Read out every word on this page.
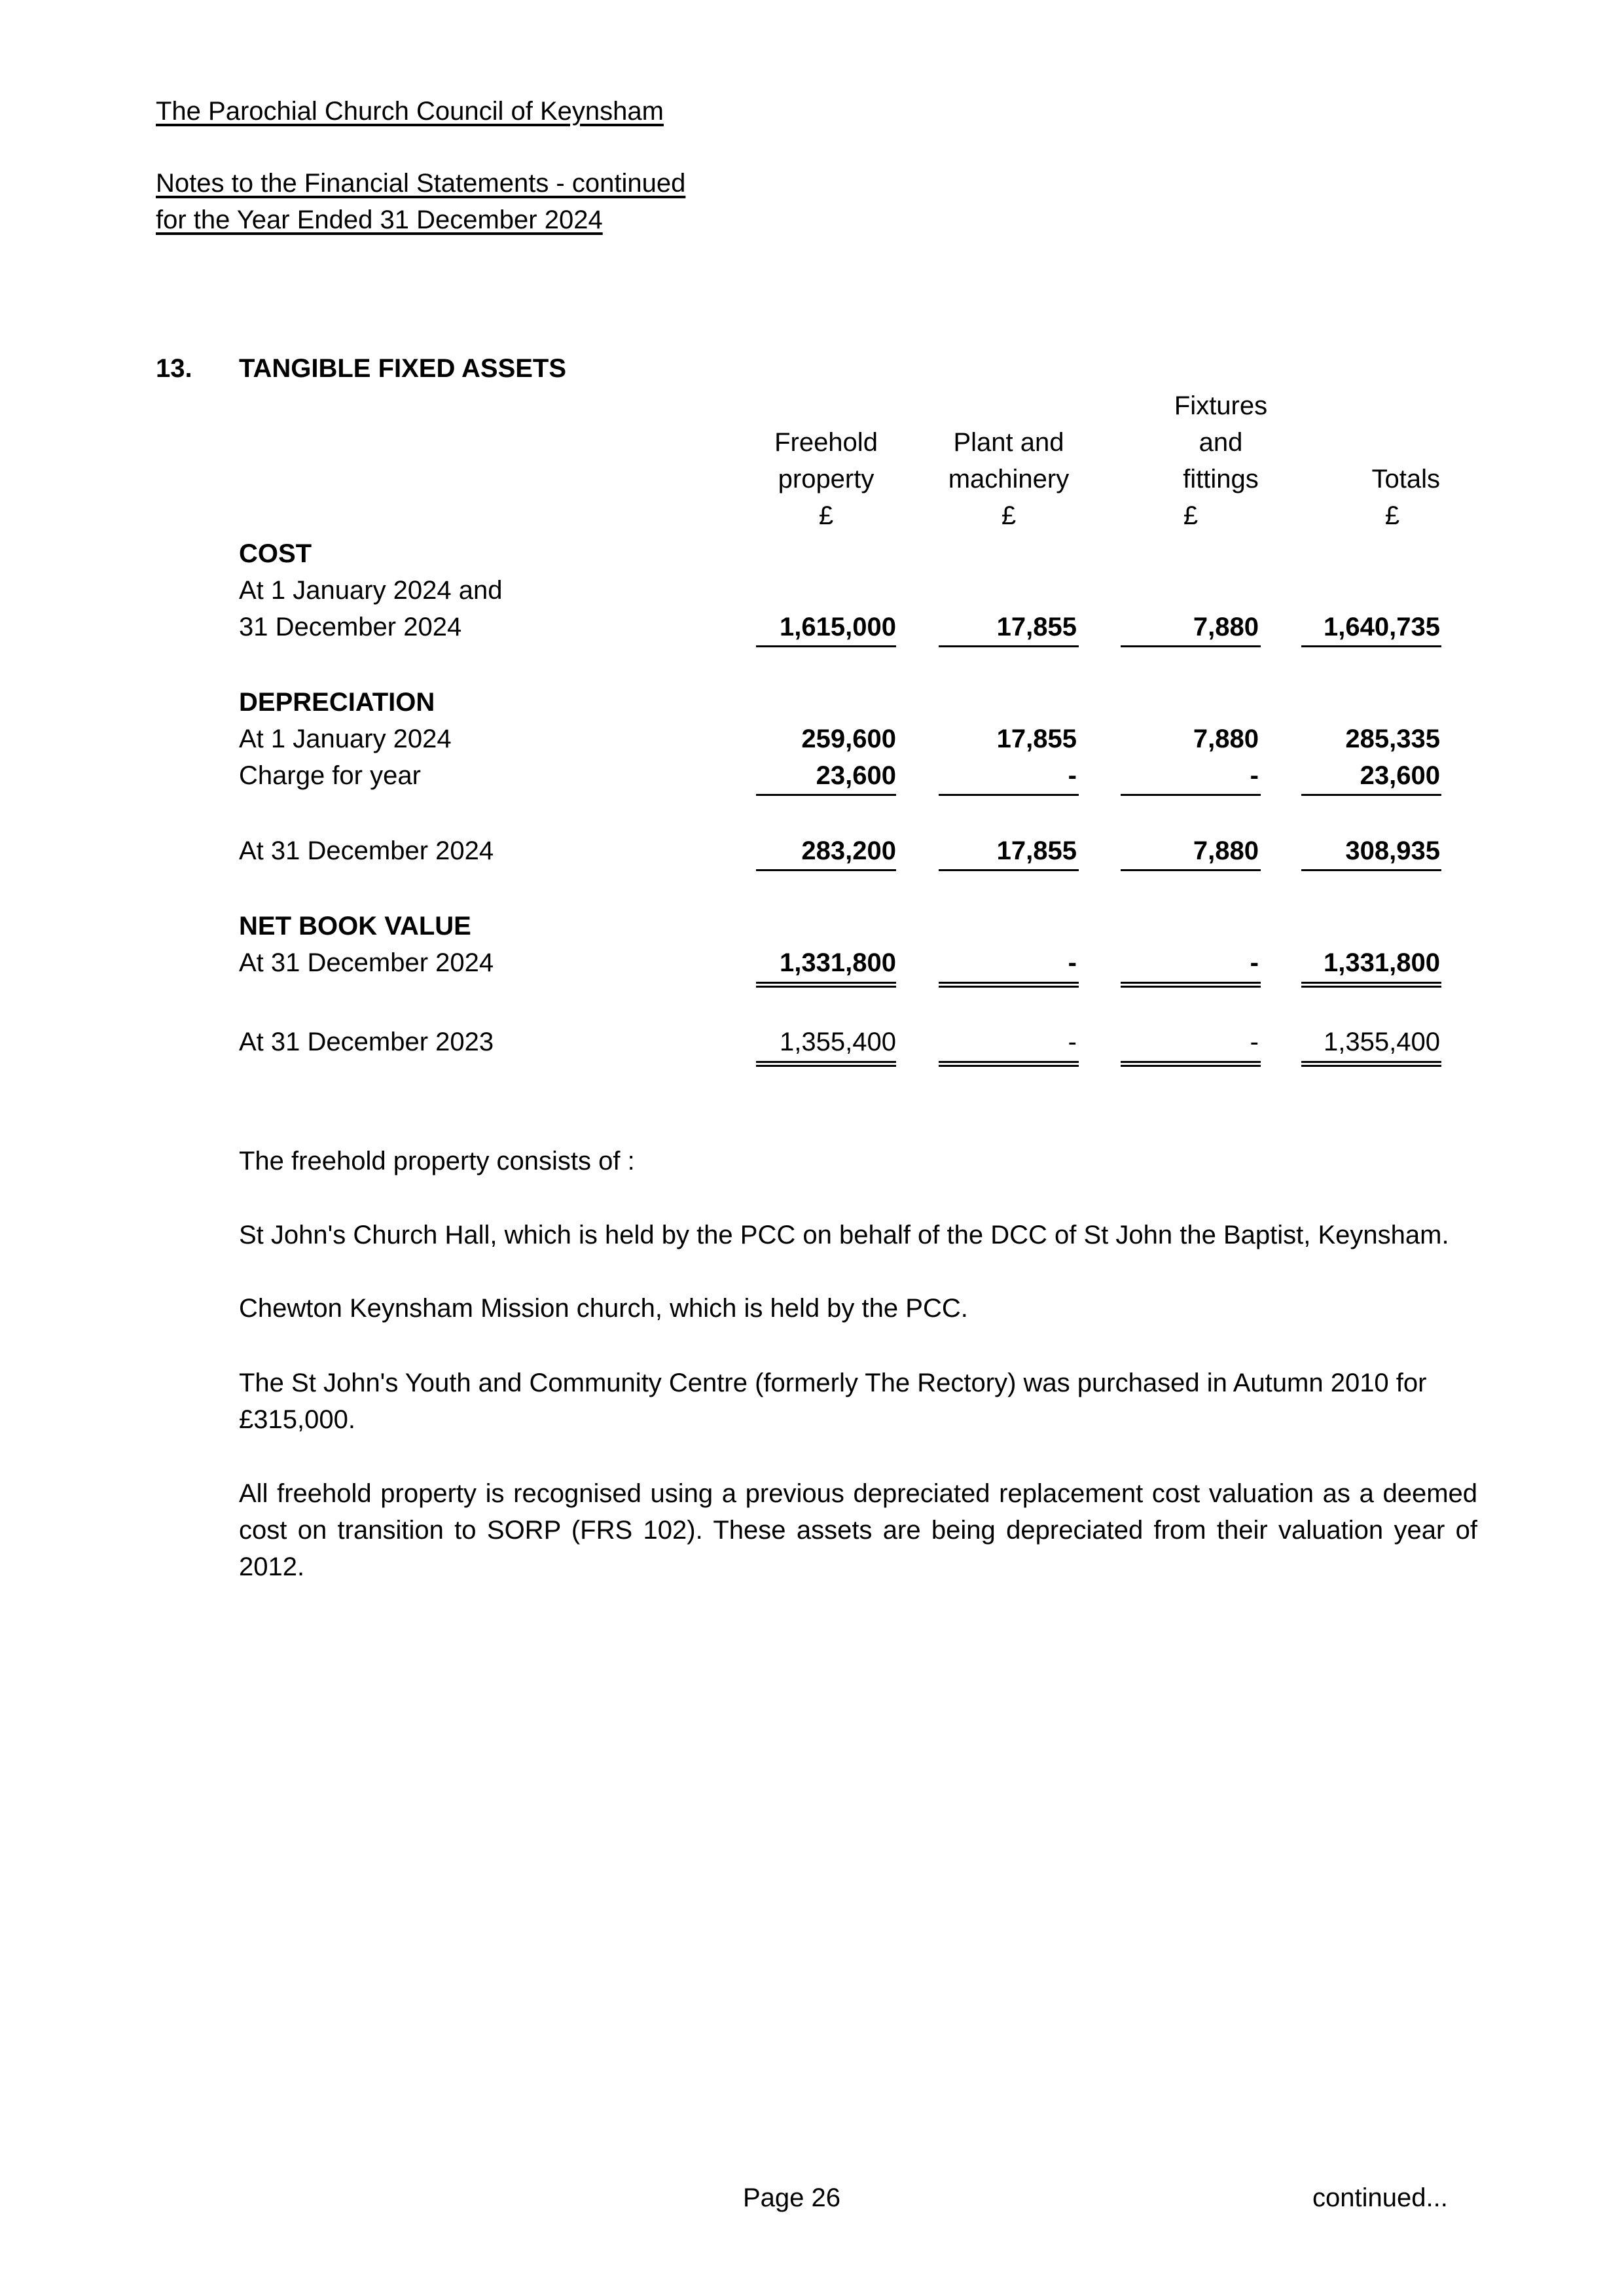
The Parochial Church Council of Keynsham
Notes to the Financial Statements - continued
for the Year Ended 31 December 2024
13. TANGIBLE FIXED ASSETS
Freehold
property
£
Plant and
machinery
£
Fixtures
and
fittings
£
Totals
£
COST
At 1 January 2024 and
31 December 2024	1,615,000	17,855	7,880	1,640,735
DEPRECIATION
At 1 January 2024	259,600	17,855	7,880	285,335
Charge for year	23,600	-	-	23,600
At 31 December 2024	283,200	17,855	7,880	308,935
NET BOOK VALUE
At 31 December 2024	1,331,800	-	-	1,331,800
At 31 December 2023	1,355,400	-	-	1,355,400
The freehold property consists of :
St John's Church Hall, which is held by the PCC on behalf of the DCC of St John the Baptist, Keynsham.
Chewton Keynsham Mission church, which is held by the PCC.
The St John's Youth and Community Centre (formerly The Rectory) was purchased in Autumn 2010 for
£315,000.
All freehold property is recognised using a previous depreciated replacement cost valuation as a deemed cost on transition to SORP (FRS 102). These assets are being depreciated from their valuation year of 2012.
Page 26	continued...
